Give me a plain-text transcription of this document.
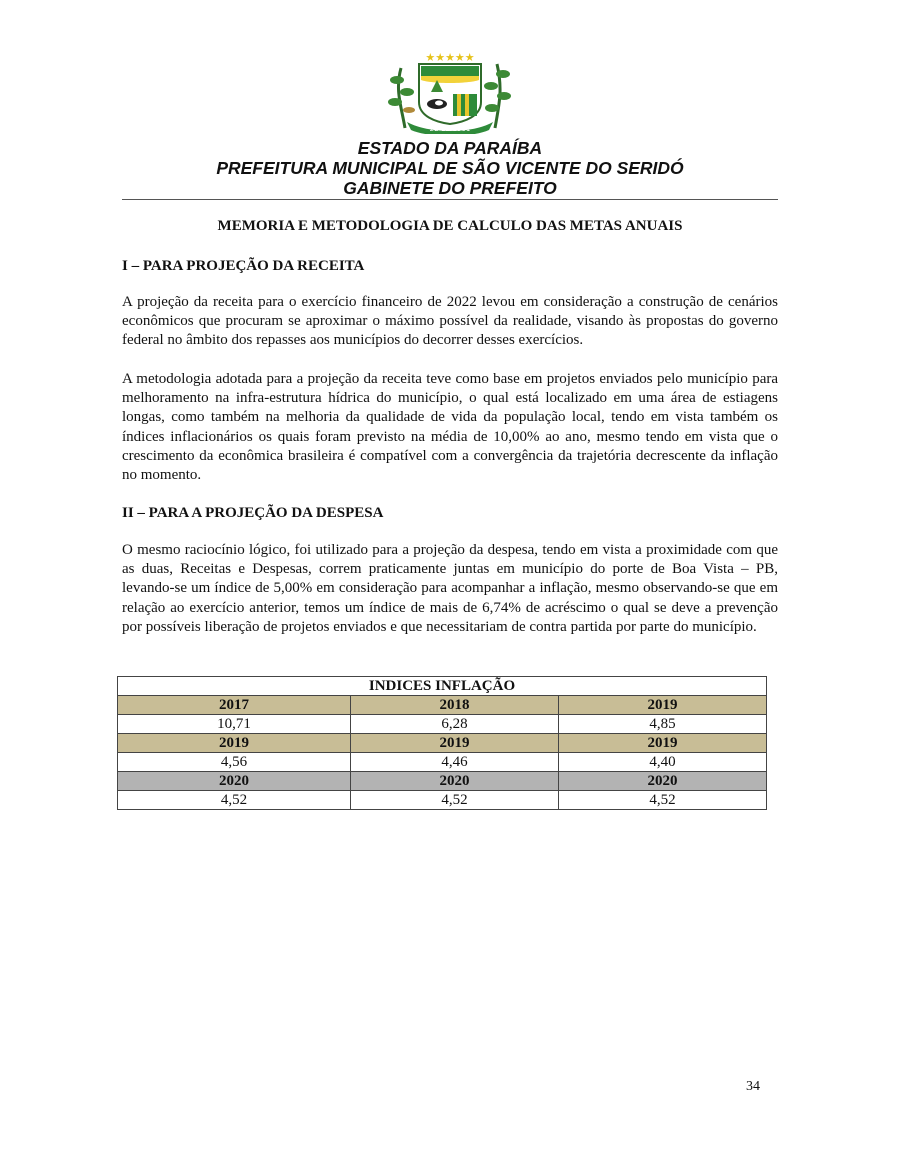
★★★★★
22-12-1961
ESTADO DA PARAÍBA
PREFEITURA MUNICIPAL DE SÃO VICENTE DO SERIDÓ
GABINETE DO PREFEITO
MEMORIA E METODOLOGIA DE CALCULO DAS METAS ANUAIS
I – PARA PROJEÇÃO DA RECEITA
A projeção da receita para o exercício financeiro de 2022 levou em consideração a construção de cenários econômicos que procuram se aproximar o máximo possível da realidade, visando às propostas do governo federal no âmbito dos repasses aos municípios do decorrer desses exercícios.
A metodologia adotada para a projeção da receita teve como base em projetos enviados pelo município para melhoramento na infra-estrutura hídrica do município, o qual está localizado em uma área de estiagens longas, como também na melhoria da qualidade de vida da população local, tendo em vista também os índices inflacionários os quais foram previsto na média de 10,00% ao ano, mesmo tendo em vista que o crescimento da econômica brasileira é compatível com a convergência da trajetória decrescente da inflação no momento.
II – PARA A PROJEÇÃO DA DESPESA
O mesmo raciocínio lógico, foi utilizado para a projeção da despesa, tendo em vista a proximidade com que as duas, Receitas e Despesas, correm praticamente juntas em município do porte de Boa Vista – PB, levando-se um índice de 5,00% em consideração para acompanhar a inflação, mesmo observando-se que em relação ao exercício anterior, temos um índice de mais de 6,74% de acréscimo o qual se deve a prevenção por possíveis liberação de projetos enviados e que necessitariam de contra partida por parte do município.
INDICES INFLAÇÃO		
2017	2018	2019
10,71	6,28	4,85
2019	2019	2019
4,56	4,46	4,40
2020	2020	2020
4,52	4,52	4,52
34
